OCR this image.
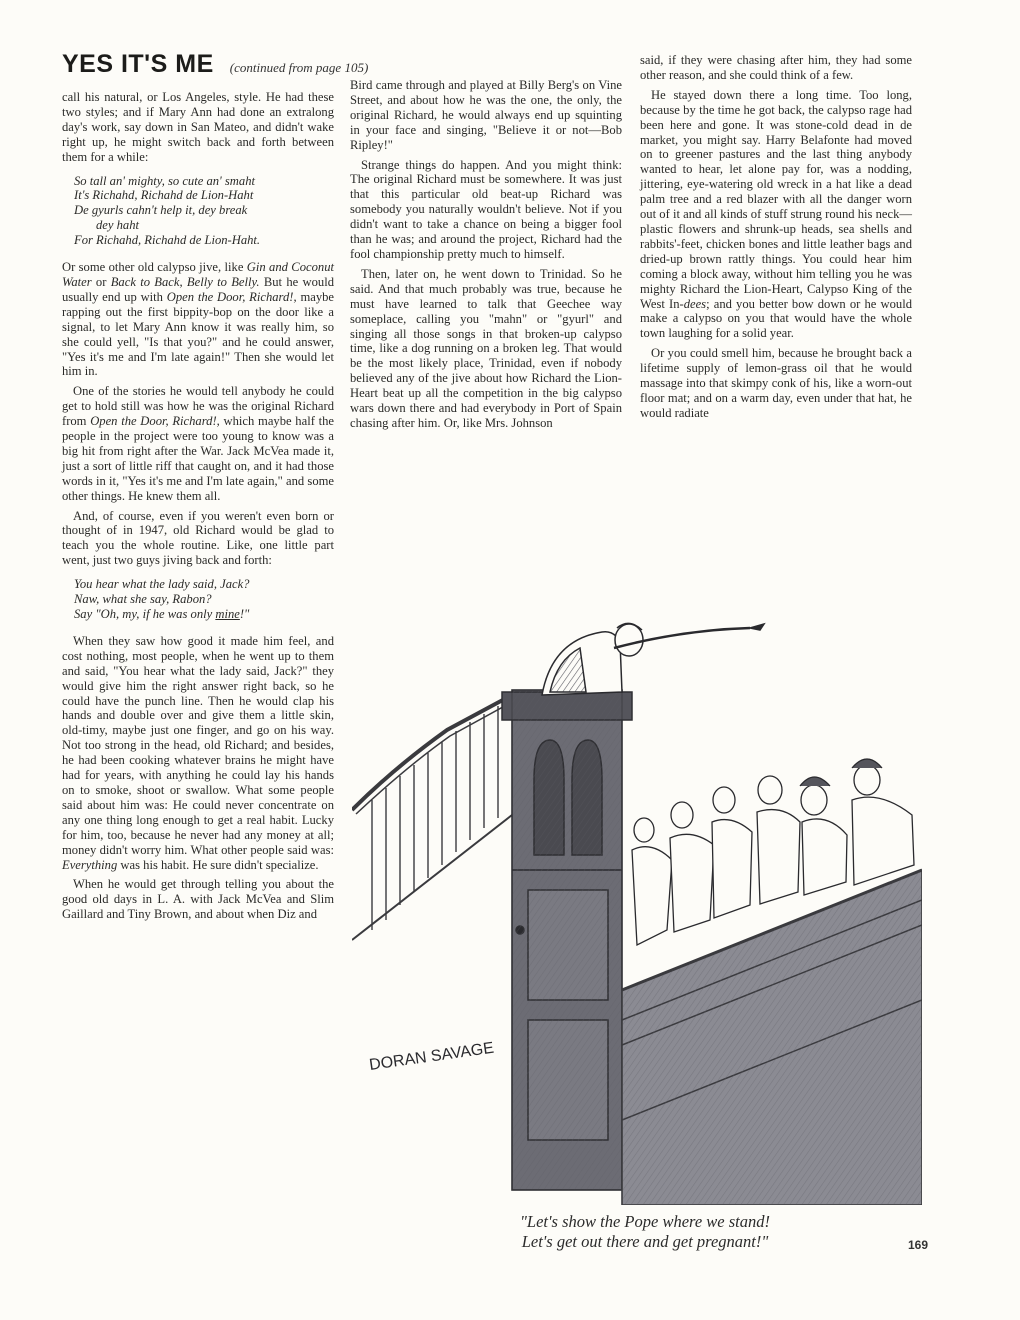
YES IT'S ME (continued from page 105)

call his natural, or Los Angeles, style. He had these two styles; and if Mary Ann had done an extralong day's work, say down in San Mateo, and didn't wake right up, he might switch back and forth between them for a while:

So tall an' mighty, so cute an' smaht
It's Richahd, Richahd de Lion-Haht
De gyurls cahn't help it, dey break
dey haht
For Richahd, Richahd de Lion-Haht.

Or some other old calypso jive, like Gin and Coconut Water or Back to Back, Belly to Belly. But he would usually end up with Open the Door, Richard!, maybe rapping out the first bippity-bop on the door like a signal, to let Mary Ann know it was really him, so she could yell, "Is that you?" and he could answer, "Yes it's me and I'm late again!" Then she would let him in.

One of the stories he would tell anybody he could get to hold still was how he was the original Richard from Open the Door, Richard!, which maybe half the people in the project were too young to know was a big hit from right after the War. Jack McVea made it, just a sort of little riff that caught on, and it had those words in it, "Yes it's me and I'm late again," and some other things. He knew them all.

And, of course, even if you weren't even born or thought of in 1947, old Richard would be glad to teach you the whole routine. Like, one little part went, just two guys jiving back and forth:

You hear what the lady said, Jack?
Naw, what she say, Rabon?
Say "Oh, my, if he was only mine!"

When they saw how good it made him feel, and cost nothing, most people, when he went up to them and said, "You hear what the lady said, Jack?" they would give him the right answer right back, so he could have the punch line. Then he would clap his hands and double over and give them a little skin, old-timy, maybe just one finger, and go on his way. Not too strong in the head, old Richard; and besides, he had been cooking whatever brains he might have had for years, with anything he could lay his hands on to smoke, shoot or swallow. What some people said about him was: He could never concentrate on any one thing long enough to get a real habit. Lucky for him, too, because he never had any money at all; money didn't worry him. What other people said was: Everything was his habit. He sure didn't specialize.

When he would get through telling you about the good old days in L. A. with Jack McVea and Slim Gaillard and Tiny Brown, and about when Diz and

Bird came through and played at Billy Berg's on Vine Street, and about how he was the one, the only, the original Richard, he would always end up squinting in your face and singing, "Believe it or not—Bob Ripley!"

Strange things do happen. And you might think: The original Richard must be somewhere. It was just that this particular old beat-up Richard was somebody you naturally wouldn't believe. Not if you didn't want to take a chance on being a bigger fool than he was; and around the project, Richard had the fool championship pretty much to himself.

Then, later on, he went down to Trinidad. So he said. And that much probably was true, because he must have learned to talk that Geechee way someplace, calling you "mahn" or "gyurl" and singing all those songs in that broken-up calypso time, like a dog running on a broken leg. That would be the most likely place, Trinidad, even if nobody believed any of the jive about how Richard the Lion-Heart beat up all the competition in the big calypso wars down there and had everybody in Port of Spain chasing after him. Or, like Mrs. Johnson

said, if they were chasing after him, they had some other reason, and she could think of a few.

He stayed down there a long time. Too long, because by the time he got back, the calypso rage had been here and gone. It was stone-cold dead in de market, you might say. Harry Belafonte had moved on to greener pastures and the last thing anybody wanted to hear, let alone pay for, was a nodding, jittering, eye-watering old wreck in a hat like a dead palm tree and a red blazer with all the danger worn out of it and all kinds of stuff strung round his neck—plastic flowers and shrunk-up heads, sea shells and rabbits'-feet, chicken bones and little leather bags and dried-up brown rattly things. You could hear him coming a block away, without him telling you he was mighty Richard the Lion-Heart, Calypso King of the West In-dees; and you better bow down or he would make a calypso on you that would have the whole town laughing for a solid year.

Or you could smell him, because he brought back a lifetime supply of lemon-grass oil that he would massage into that skimpy conk of his, like a worn-out floor mat; and on a warm day, even under that hat, he would radiate

DORAN SAVAGE
"Let's show the Pope where we stand!
Let's get out there and get pregnant!"	169
